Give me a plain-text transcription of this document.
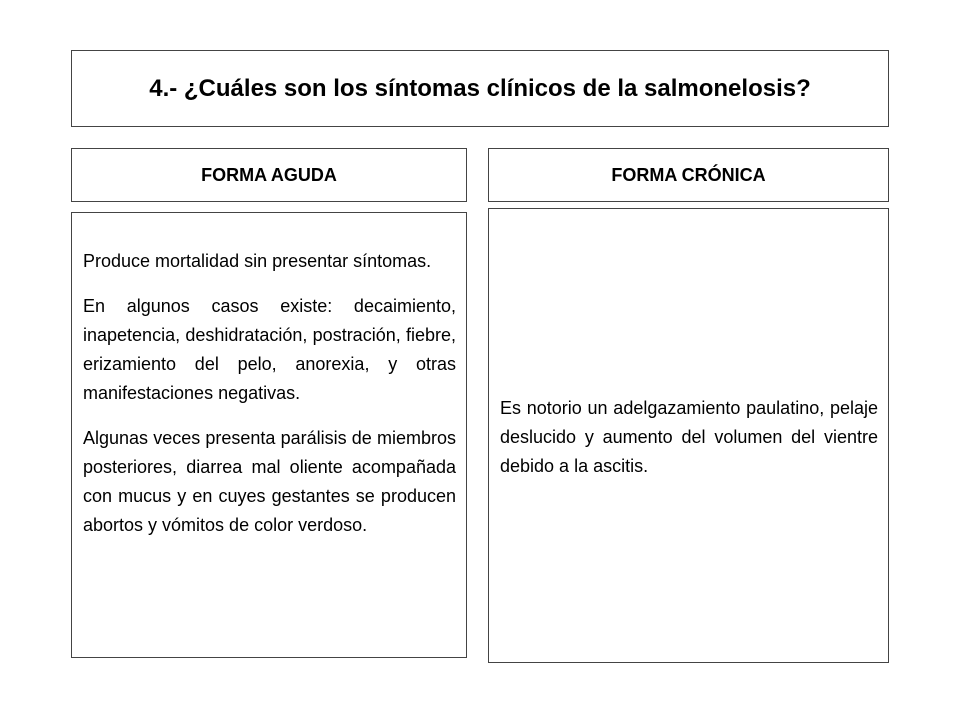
4.- ¿Cuáles son los síntomas clínicos de la salmonelosis?

FORMA AGUDA	FORMA CRÓNICA

Produce mortalidad sin presentar síntomas.

En algunos casos existe: decaimiento, inapetencia, deshidratación, postración, fiebre, erizamiento del pelo, anorexia, y otras manifestaciones negativas.

Algunas veces presenta parálisis de miembros posteriores, diarrea mal oliente acompañada con mucus y en cuyes gestantes se producen abortos y vómitos de color verdoso.

Es notorio un adelgazamiento paulatino, pelaje deslucido y aumento del volumen del vientre debido a la ascitis.
